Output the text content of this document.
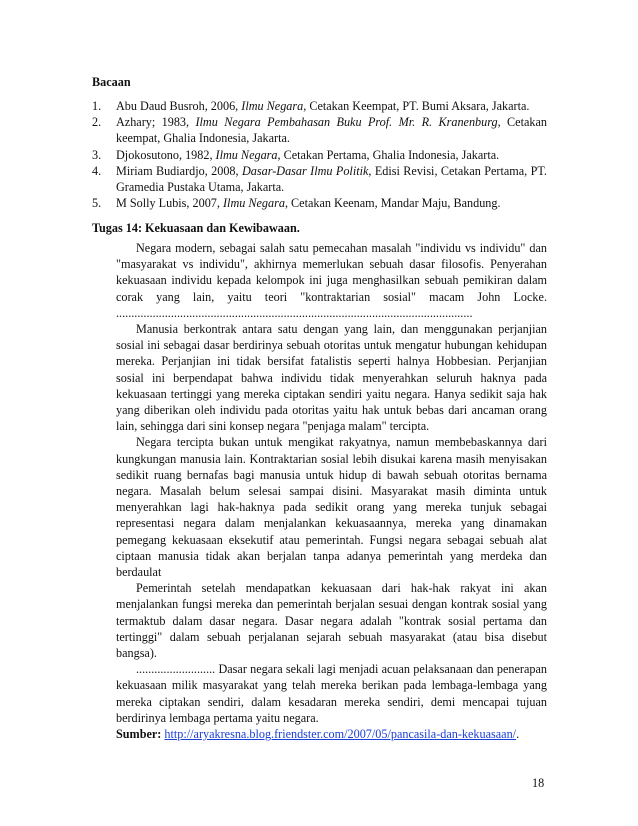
Bacaan
1. Abu Daud Busroh, 2006, Ilmu Negara, Cetakan Keempat, PT. Bumi Aksara, Jakarta.
2. Azhary; 1983, Ilmu Negara Pembahasan Buku Prof. Mr. R. Kranenburg, Cetakan keempat, Ghalia Indonesia, Jakarta.
3. Djokosutono, 1982, Ilmu Negara, Cetakan Pertama, Ghalia Indonesia, Jakarta.
4. Miriam Budiardjo, 2008, Dasar-Dasar Ilmu Politik, Edisi Revisi, Cetakan Pertama, PT. Gramedia Pustaka Utama, Jakarta.
5. M Solly Lubis, 2007, Ilmu Negara, Cetakan Keenam, Mandar Maju, Bandung.
Tugas 14: Kekuasaan dan Kewibawaan.

Negara modern, sebagai salah satu pemecahan masalah "individu vs individu" dan "masyarakat vs individu", akhirnya memerlukan sebuah dasar filosofis. Penyerahan kekuasaan individu kepada kelompok ini juga menghasilkan sebuah pemikiran dalam corak yang lain, yaitu teori "kontraktarian sosial" macam John Locke. .....................................................................................................................

Manusia berkontrak antara satu dengan yang lain, dan menggunakan perjanjian sosial ini sebagai dasar berdirinya sebuah otoritas untuk mengatur hubungan kehidupan mereka. Perjanjian ini tidak bersifat fatalistis seperti halnya Hobbesian. Perjanjian sosial ini berpendapat bahwa individu tidak menyerahkan seluruh haknya pada kekuasaan tertinggi yang mereka ciptakan sendiri yaitu negara. Hanya sedikit saja hak yang diberikan oleh individu pada otoritas yaitu hak untuk bebas dari ancaman orang lain, sehingga dari sini konsep negara "penjaga malam" tercipta.

Negara tercipta bukan untuk mengikat rakyatnya, namun membebaskannya dari kungkungan manusia lain. Kontraktarian sosial lebih disukai karena masih menyisakan sedikit ruang bernafas bagi manusia untuk hidup di bawah sebuah otoritas bernama negara. Masalah belum selesai sampai disini. Masyarakat masih diminta untuk menyerahkan lagi hak-haknya pada sedikit orang yang mereka tunjuk sebagai representasi negara dalam menjalankan kekuasaannya, mereka yang dinamakan pemegang kekuasaan eksekutif atau pemerintah. Fungsi negara sebagai sebuah alat ciptaan manusia tidak akan berjalan tanpa adanya pemerintah yang merdeka dan berdaulat

Pemerintah setelah mendapatkan kekuasaan dari hak-hak rakyat ini akan menjalankan fungsi mereka dan pemerintah berjalan sesuai dengan kontrak sosial yang termaktub dalam dasar negara. Dasar negara adalah "kontrak sosial pertama dan tertinggi" dalam sebuah perjalanan sejarah sebuah masyarakat (atau bisa disebut bangsa).

.......................... Dasar negara sekali lagi menjadi acuan pelaksanaan dan penerapan kekuasaan milik masyarakat yang telah mereka berikan pada lembaga-lembaga yang mereka ciptakan sendiri, dalam kesadaran mereka sendiri, demi mencapai tujuan berdirinya lembaga pertama yaitu negara.

Sumber: http://aryakresna.blog.friendster.com/2007/05/pancasila-dan-kekuasaan/.

18
